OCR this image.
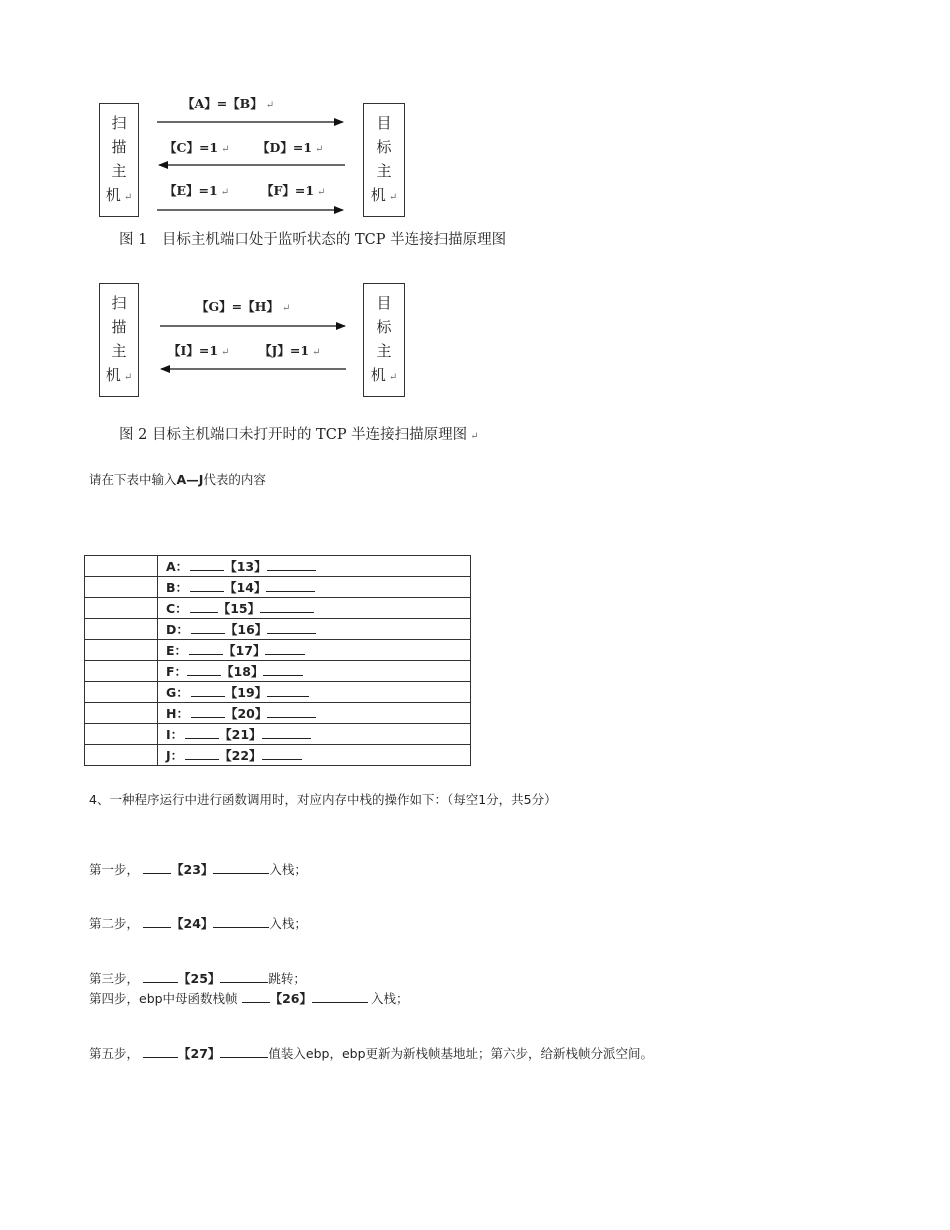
扫
描
主
机 ↵
目
标
主
机 ↵
【A】=【B】 ↵
【C】=1 ↵ 【D】=1 ↵
【E】=1 ↵	【F】=1 ↵
图 1　目标主机端口处于监听状态的 TCP 半连接扫描原理图
扫
描
主
机 ↵
目
标
主
机 ↵
【G】=【H】 ↵
【I】=1 ↵ 【J】=1 ↵
图 2 目标主机端口未打开时的 TCP 半连接扫描原理图 ↵
请在下表中输入A—J代表的内容
	A： 【13】
	B： 【14】
	C： 【15】
	D： 【16】
	E： 【17】
	F： 【18】
	G： 【19】
	H： 【20】
	I： 【21】
	J： 【22】
4、一种程序运行中进行函数调用时，对应内存中栈的操作如下：（每空1分，共5分）
第一步，	【23】	入栈；
第二步，	【24】	入栈；
第三步，	【25】	跳转；
第四步，ebp中母函数栈帧	【26】	入栈；
第五步，	【27】	值装入ebp，ebp更新为新栈帧基地址；第六步，给新栈帧分派空间。
